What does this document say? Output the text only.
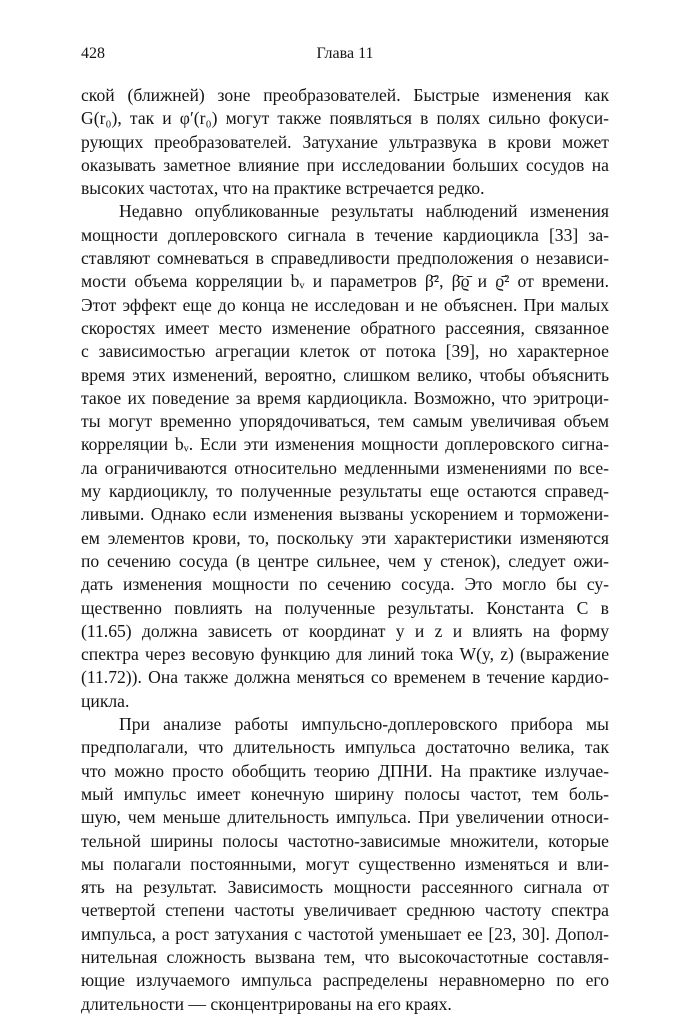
428	Глава 11
ской (ближней) зоне преобразователей. Быстрые изменения как
G(r₀), так и φ′(r₀) могут также появляться в полях сильно фокуси-
рующих преобразователей. Затухание ультразвука в крови может
оказывать заметное влияние при исследовании больших сосудов на
высоких частотах, что на практике встречается редко.
Недавно опубликованные результаты наблюдений изменения
мощности доплеровского сигнала в течение кардиоцикла [33] за-
ставляют сомневаться в справедливости предположения о независи-
мости объема корреляции bᵥ и параметров β̄², β̄ϱ̄ и ϱ̄² от времени.
Этот эффект еще до конца не исследован и не объяснен. При малых
скоростях имеет место изменение обратного рассеяния, связанное
с зависимостью агрегации клеток от потока [39], но характерное
время этих изменений, вероятно, слишком велико, чтобы объяснить
такое их поведение за время кардиоцикла. Возможно, что эритроци-
ты могут временно упорядочиваться, тем самым увеличивая объем
корреляции bᵥ. Если эти изменения мощности доплеровского сигна-
ла ограничиваются относительно медленными изменениями по все-
му кардиоциклу, то полученные результаты еще остаются справед-
ливыми. Однако если изменения вызваны ускорением и торможени-
ем элементов крови, то, поскольку эти характеристики изменяются
по сечению сосуда (в центре сильнее, чем у стенок), следует ожи-
дать изменения мощности по сечению сосуда. Это могло бы су-
щественно повлиять на полученные результаты. Константа C в
(11.65) должна зависеть от координат y и z и влиять на форму
спектра через весовую функцию для линий тока W(y, z) (выражение
(11.72)). Она также должна меняться со временем в течение кардио-
цикла.
При анализе работы импульсно-доплеровского прибора мы
предполагали, что длительность импульса достаточно велика, так
что можно просто обобщить теорию ДПНИ. На практике излучае-
мый импульс имеет конечную ширину полосы частот, тем боль-
шую, чем меньше длительность импульса. При увеличении относи-
тельной ширины полосы частотно-зависимые множители, которые
мы полагали постоянными, могут существенно изменяться и вли-
ять на результат. Зависимость мощности рассеянного сигнала от
четвертой степени частоты увеличивает среднюю частоту спектра
импульса, а рост затухания с частотой уменьшает ее [23, 30]. Допол-
нительная сложность вызвана тем, что высокочастотные составля-
ющие излучаемого импульса распределены неравномерно по его
длительности — сконцентрированы на его краях.
